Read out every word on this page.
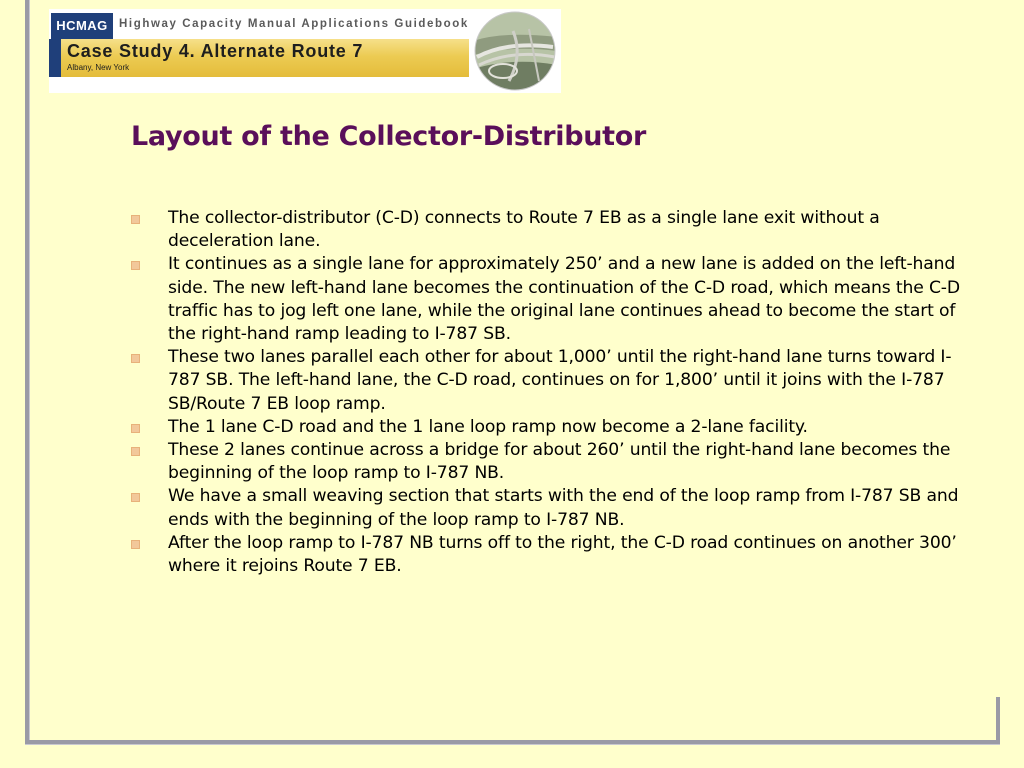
HCMAG Highway Capacity Manual Applications Guidebook
Case Study 4. Alternate Route 7
Albany, New York
Layout of the Collector-Distributor
The collector-distributor (C-D) connects to Route 7 EB as a single lane exit without a deceleration lane.
It continues as a single lane for approximately 250’ and a new lane is added on the left-hand side. The new left-hand lane becomes the continuation of the C-D road, which means the C-D traffic has to jog left one lane, while the original lane continues ahead to become the start of the right-hand ramp leading to I-787 SB.
These two lanes parallel each other for about 1,000’ until the right-hand lane turns toward I-787 SB. The left-hand lane, the C-D road, continues on for 1,800’ until it joins with the I-787 SB/Route 7 EB loop ramp.
The 1 lane C-D road and the 1 lane loop ramp now become a 2-lane facility.
These 2 lanes continue across a bridge for about 260’ until the right-hand lane becomes the beginning of the loop ramp to I-787 NB.
We have a small weaving section that starts with the end of the loop ramp from I-787 SB and ends with the beginning of the loop ramp to I-787 NB.
After the loop ramp to I-787 NB turns off to the right, the C-D road continues on another 300’ where it rejoins Route 7 EB.
